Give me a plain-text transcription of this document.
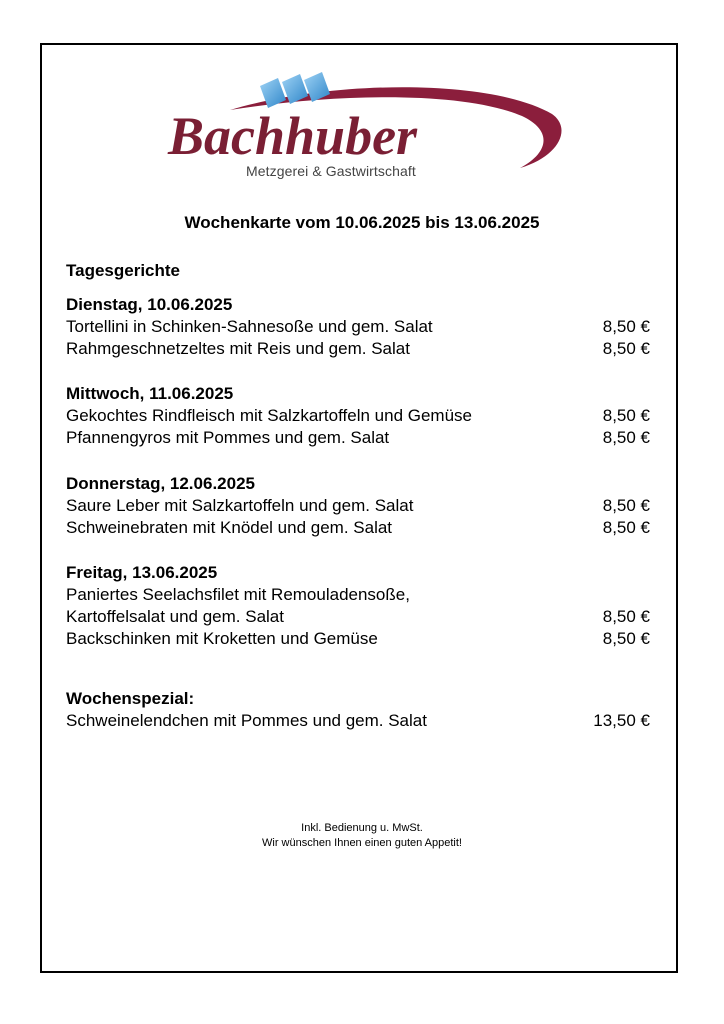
Bachhuber
Metzgerei & Gastwirtschaft
Wochenkarte vom 10.06.2025 bis 13.06.2025
Tagesgerichte
Dienstag, 10.06.2025
Tortellini in Schinken-Sahnesoße und gem. Salat	8,50 €
Rahmgeschnetzeltes mit Reis und gem. Salat	8,50 €
Mittwoch, 11.06.2025
Gekochtes Rindfleisch mit Salzkartoffeln und Gemüse	8,50 €
Pfannengyros mit Pommes und gem. Salat	8,50 €
Donnerstag, 12.06.2025
Saure Leber mit Salzkartoffeln und gem. Salat	8,50 €
Schweinebraten mit Knödel und gem. Salat	8,50 €
Freitag, 13.06.2025
Paniertes Seelachsfilet mit Remouladensoße,
Kartoffelsalat und gem. Salat	8,50 €
Backschinken mit Kroketten und Gemüse	8,50 €
Wochenspezial:
Schweinelendchen mit Pommes und gem. Salat	13,50 €
Inkl. Bedienung u. MwSt.
Wir wünschen Ihnen einen guten Appetit!
